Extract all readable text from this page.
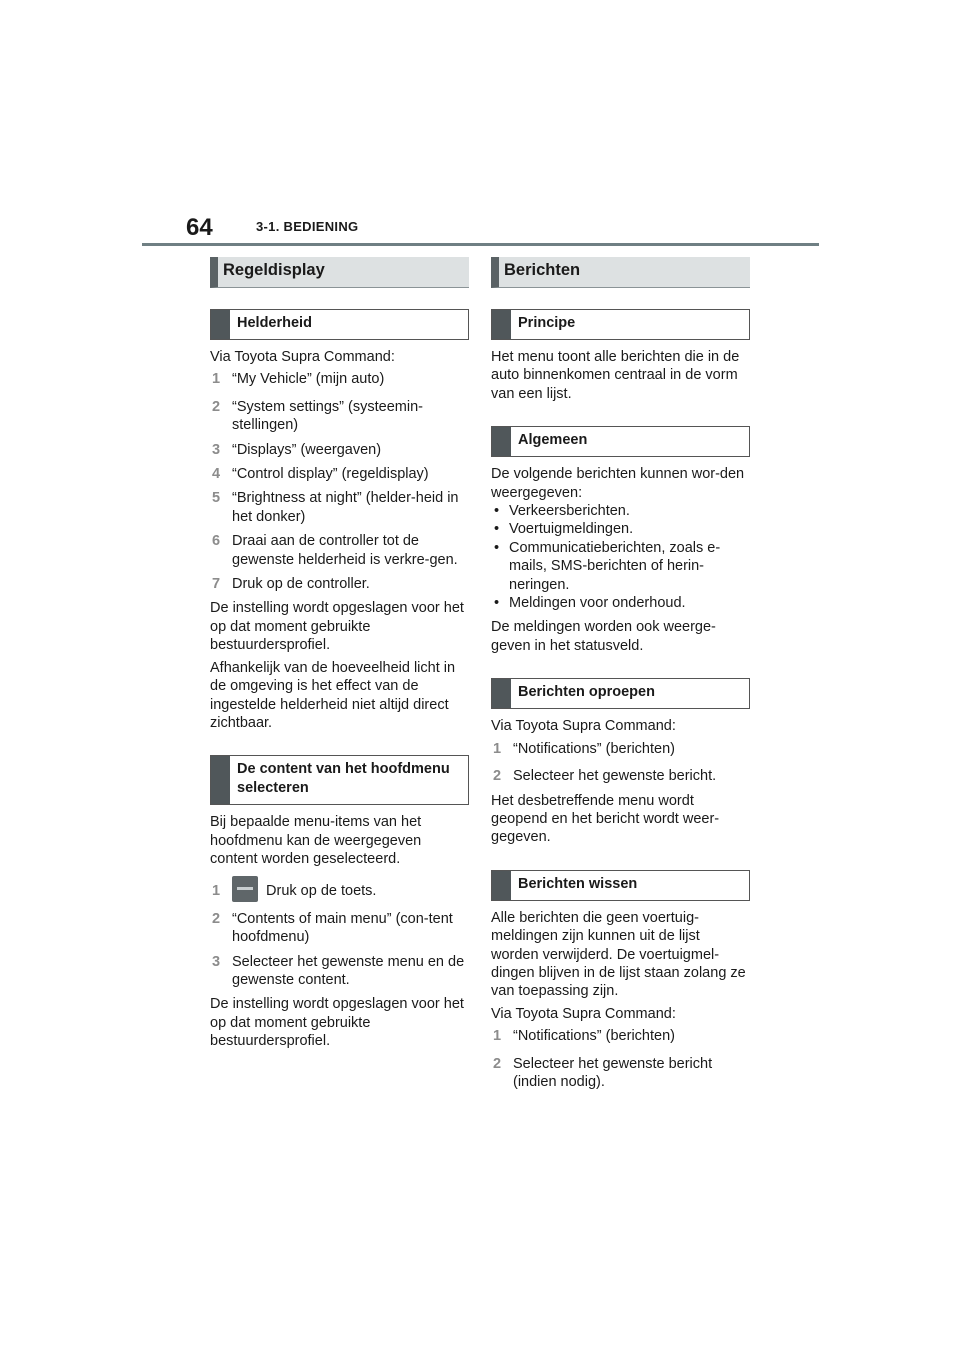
64	3-1. BEDIENING
Regeldisplay
Helderheid

Via Toyota Supra Command:

1 “My Vehicle” (mijn auto)
2 “System settings” (systeemin-stellingen)
3 “Displays” (weergaven)
4 “Control display” (regeldisplay)
5 “Brightness at night” (helder-heid in het donker)
6 Draai aan de controller tot de gewenste helderheid is verkre-gen.
7 Druk op de controller.

De instelling wordt opgeslagen voor het op dat moment gebruikte bestuurdersprofiel.

Afhankelijk van de hoeveelheid licht in de omgeving is het effect van de ingestelde helderheid niet altijd direct zichtbaar.

De content van het hoofdmenu selecteren

Bij bepaalde menu-items van het hoofdmenu kan de weergegeven content worden geselecteerd.

1	Druk op de toets.
2 “Contents of main menu” (con-tent hoofdmenu)
3 Selecteer het gewenste menu en de gewenste content.

De instelling wordt opgeslagen voor het op dat moment gebruikte bestuurdersprofiel.

Berichten
Principe

Het menu toont alle berichten die in de auto binnenkomen centraal in de vorm van een lijst.

Algemeen

De volgende berichten kunnen wor-den weergegeven:

• Verkeersberichten.
• Voertuigmeldingen.
• Communicatieberichten, zoals e-mails, SMS-berichten of herin-neringen.
• Meldingen voor onderhoud.

De meldingen worden ook weerge-geven in het statusveld.

Berichten oproepen

Via Toyota Supra Command:

1 “Notifications” (berichten)
2 Selecteer het gewenste bericht.

Het desbetreffende menu wordt geopend en het bericht wordt weer-gegeven.

Berichten wissen

Alle berichten die geen voertuig-meldingen zijn kunnen uit de lijst worden verwijderd. De voertuigmel-dingen blijven in de lijst staan zolang ze van toepassing zijn.

Via Toyota Supra Command:

1 “Notifications” (berichten)
2 Selecteer het gewenste bericht (indien nodig).
